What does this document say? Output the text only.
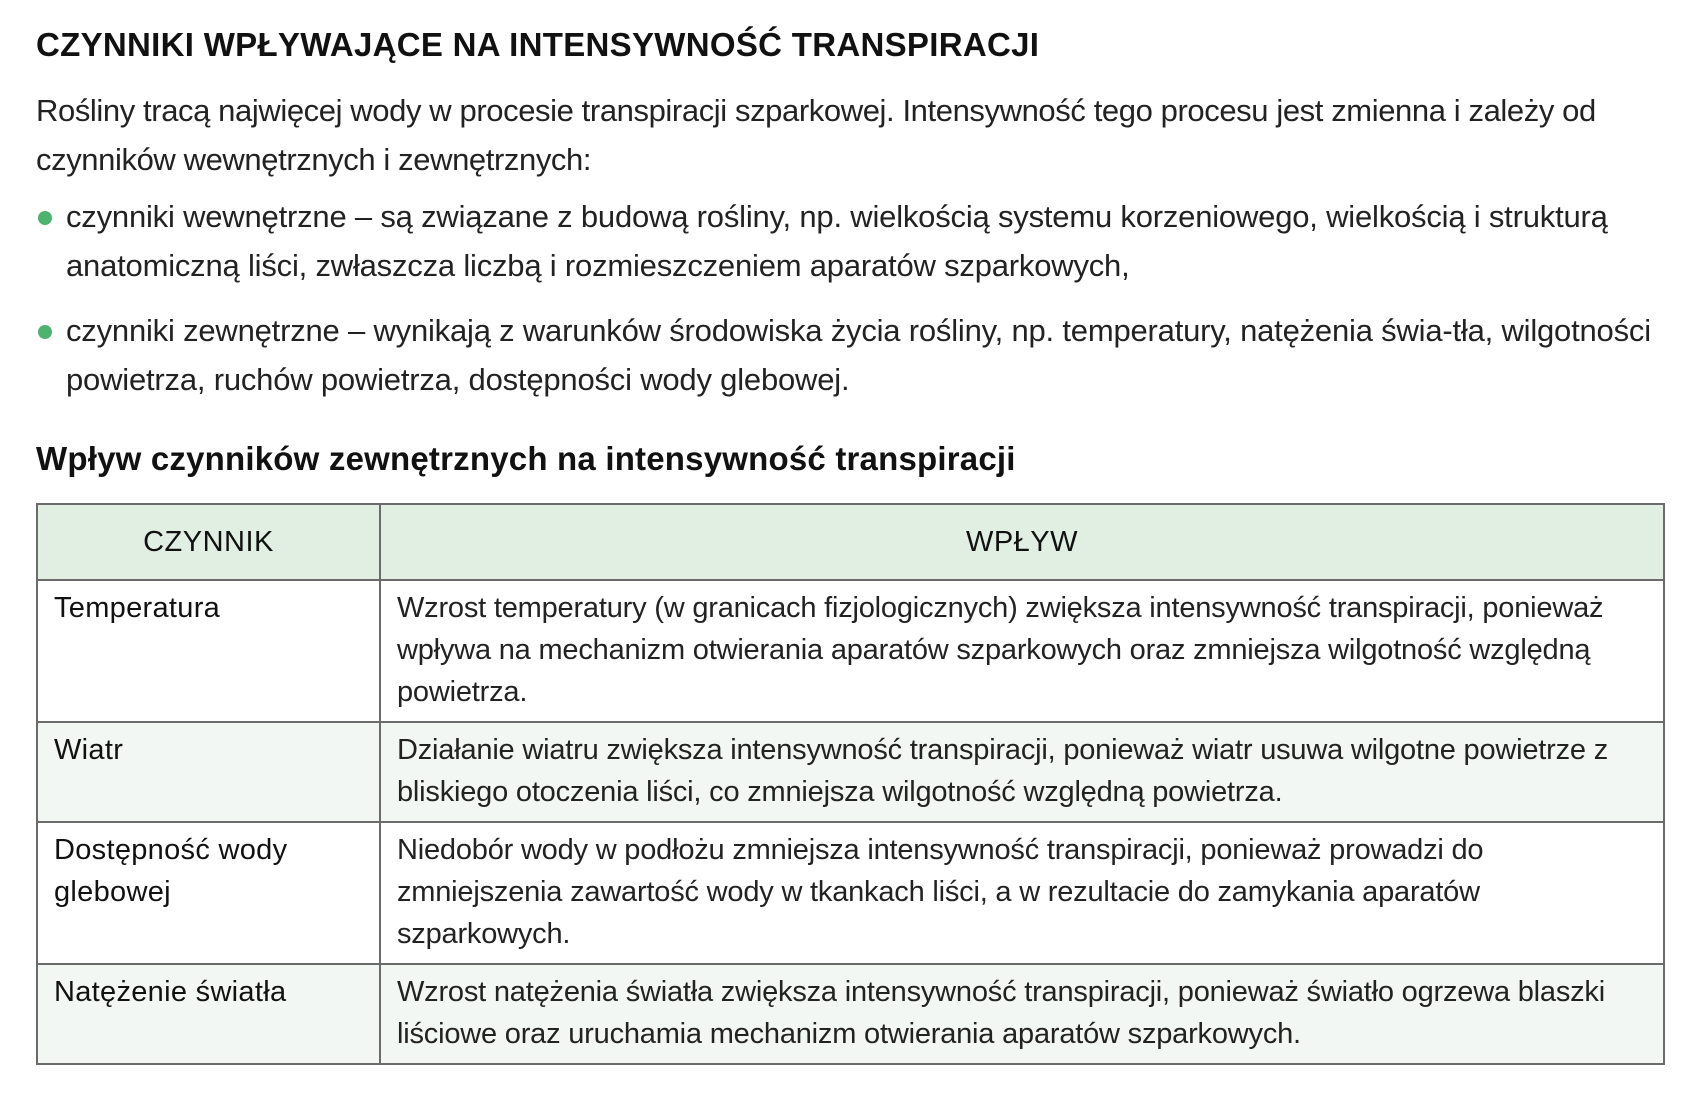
CZYNNIKI WPŁYWAJĄCE NA INTENSYWNOŚĆ TRANSPIRACJI

Rośliny tracą najwięcej wody w procesie transpiracji szparkowej. Intensywność tego procesu jest zmienna i zależy od czynników wewnętrznych i zewnętrznych:

czynniki wewnętrzne – są związane z budową rośliny, np. wielkością systemu korzeniowego, wielkością i strukturą anatomiczną liści, zwłaszcza liczbą i rozmieszczeniem aparatów szparkowych,
czynniki zewnętrzne – wynikają z warunków środowiska życia rośliny, np. temperatury, natężenia świa-tła, wilgotności powietrza, ruchów powietrza, dostępności wody glebowej.
Wpływ czynników zewnętrznych na intensywność transpiracji
CZYNNIK	WPŁYW
Temperatura	Wzrost temperatury (w granicach fizjologicznych) zwiększa intensywność transpiracji, ponieważ wpływa na mechanizm otwierania aparatów szparkowych oraz zmniejsza wilgotność względną powietrza.
Wiatr	Działanie wiatru zwiększa intensywność transpiracji, ponieważ wiatr usuwa wilgotne powietrze z bliskiego otoczenia liści, co zmniejsza wilgotność względną powietrza.
Dostępność wody glebowej	Niedobór wody w podłożu zmniejsza intensywność transpiracji, ponieważ prowadzi do zmniejszenia zawartość wody w tkankach liści, a w rezultacie do zamykania aparatów szparkowych.
Natężenie światła	Wzrost natężenia światła zwiększa intensywność transpiracji, ponieważ światło ogrzewa blaszki liściowe oraz uruchamia mechanizm otwierania aparatów szparkowych.
